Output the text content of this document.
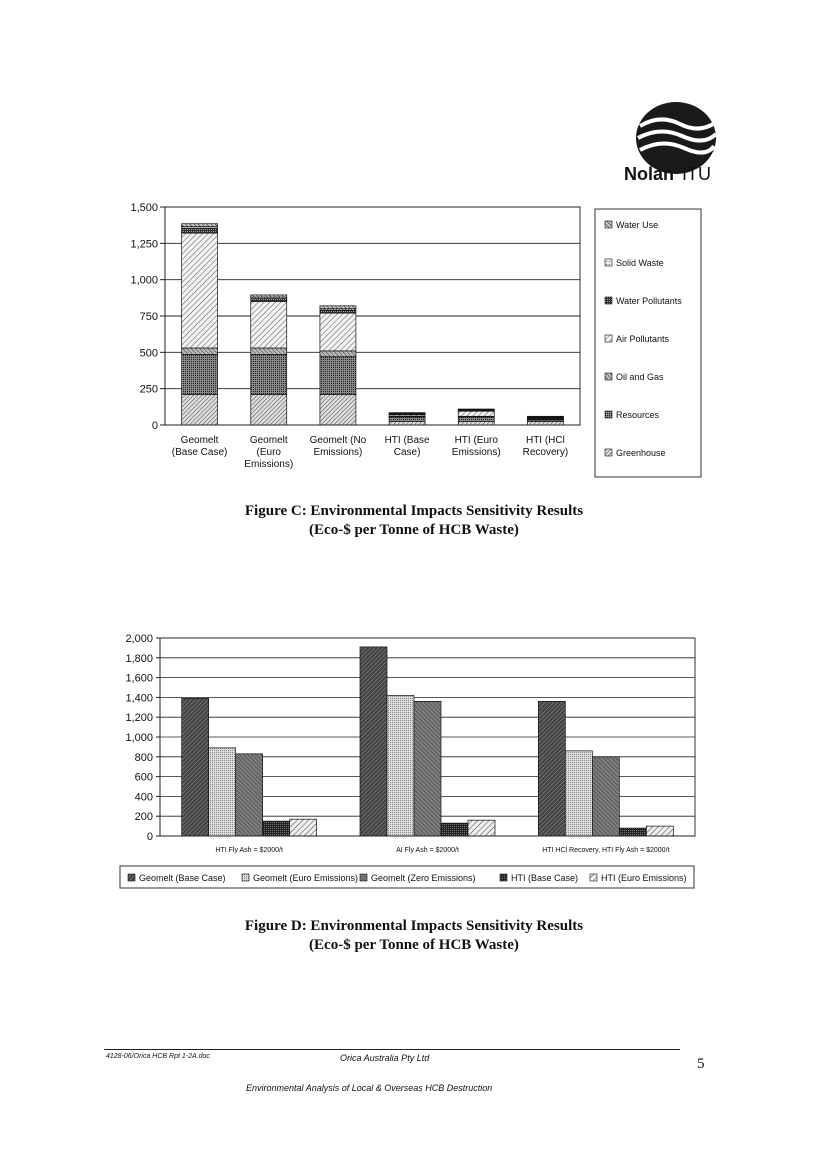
Nolan ITU
0
250
500
750
1,000
1,250
1,500
Geomelt
(Base Case)
Geomelt
(Euro
Emissions)
Geomelt (No
Emissions)
HTI (Base
Case)
HTI (Euro
Emissions)
HTI (HCl
Recovery)
Water Use
Solid Waste
Water Pollutants
Air Pollutants
Oil and Gas
Resources
Greenhouse
0
200
400
600
800
1,000
1,200
1,400
1,600
1,800
2,000
HTI Fly Ash = $2000/t	AI Fly Ash = $2000/t	HTI HCl Recovery, HTI Fly Ash = $2000/t
Geomelt (Base Case)	Geomelt (Euro Emissions) Geomelt (Zero Emissions)	HTI (Base Case)	HTI (Euro Emissions)
Figure C: Environmental Impacts Sensitivity Results
(Eco-$ per Tonne of HCB Waste)
Figure D: Environmental Impacts Sensitivity Results
(Eco-$ per Tonne of HCB Waste)
4128-06/Orica HCB Rpt 1-2A.doc	Orica Australia Pty Ltd
Environmental Analysis of Local & Overseas HCB Destruction
5
